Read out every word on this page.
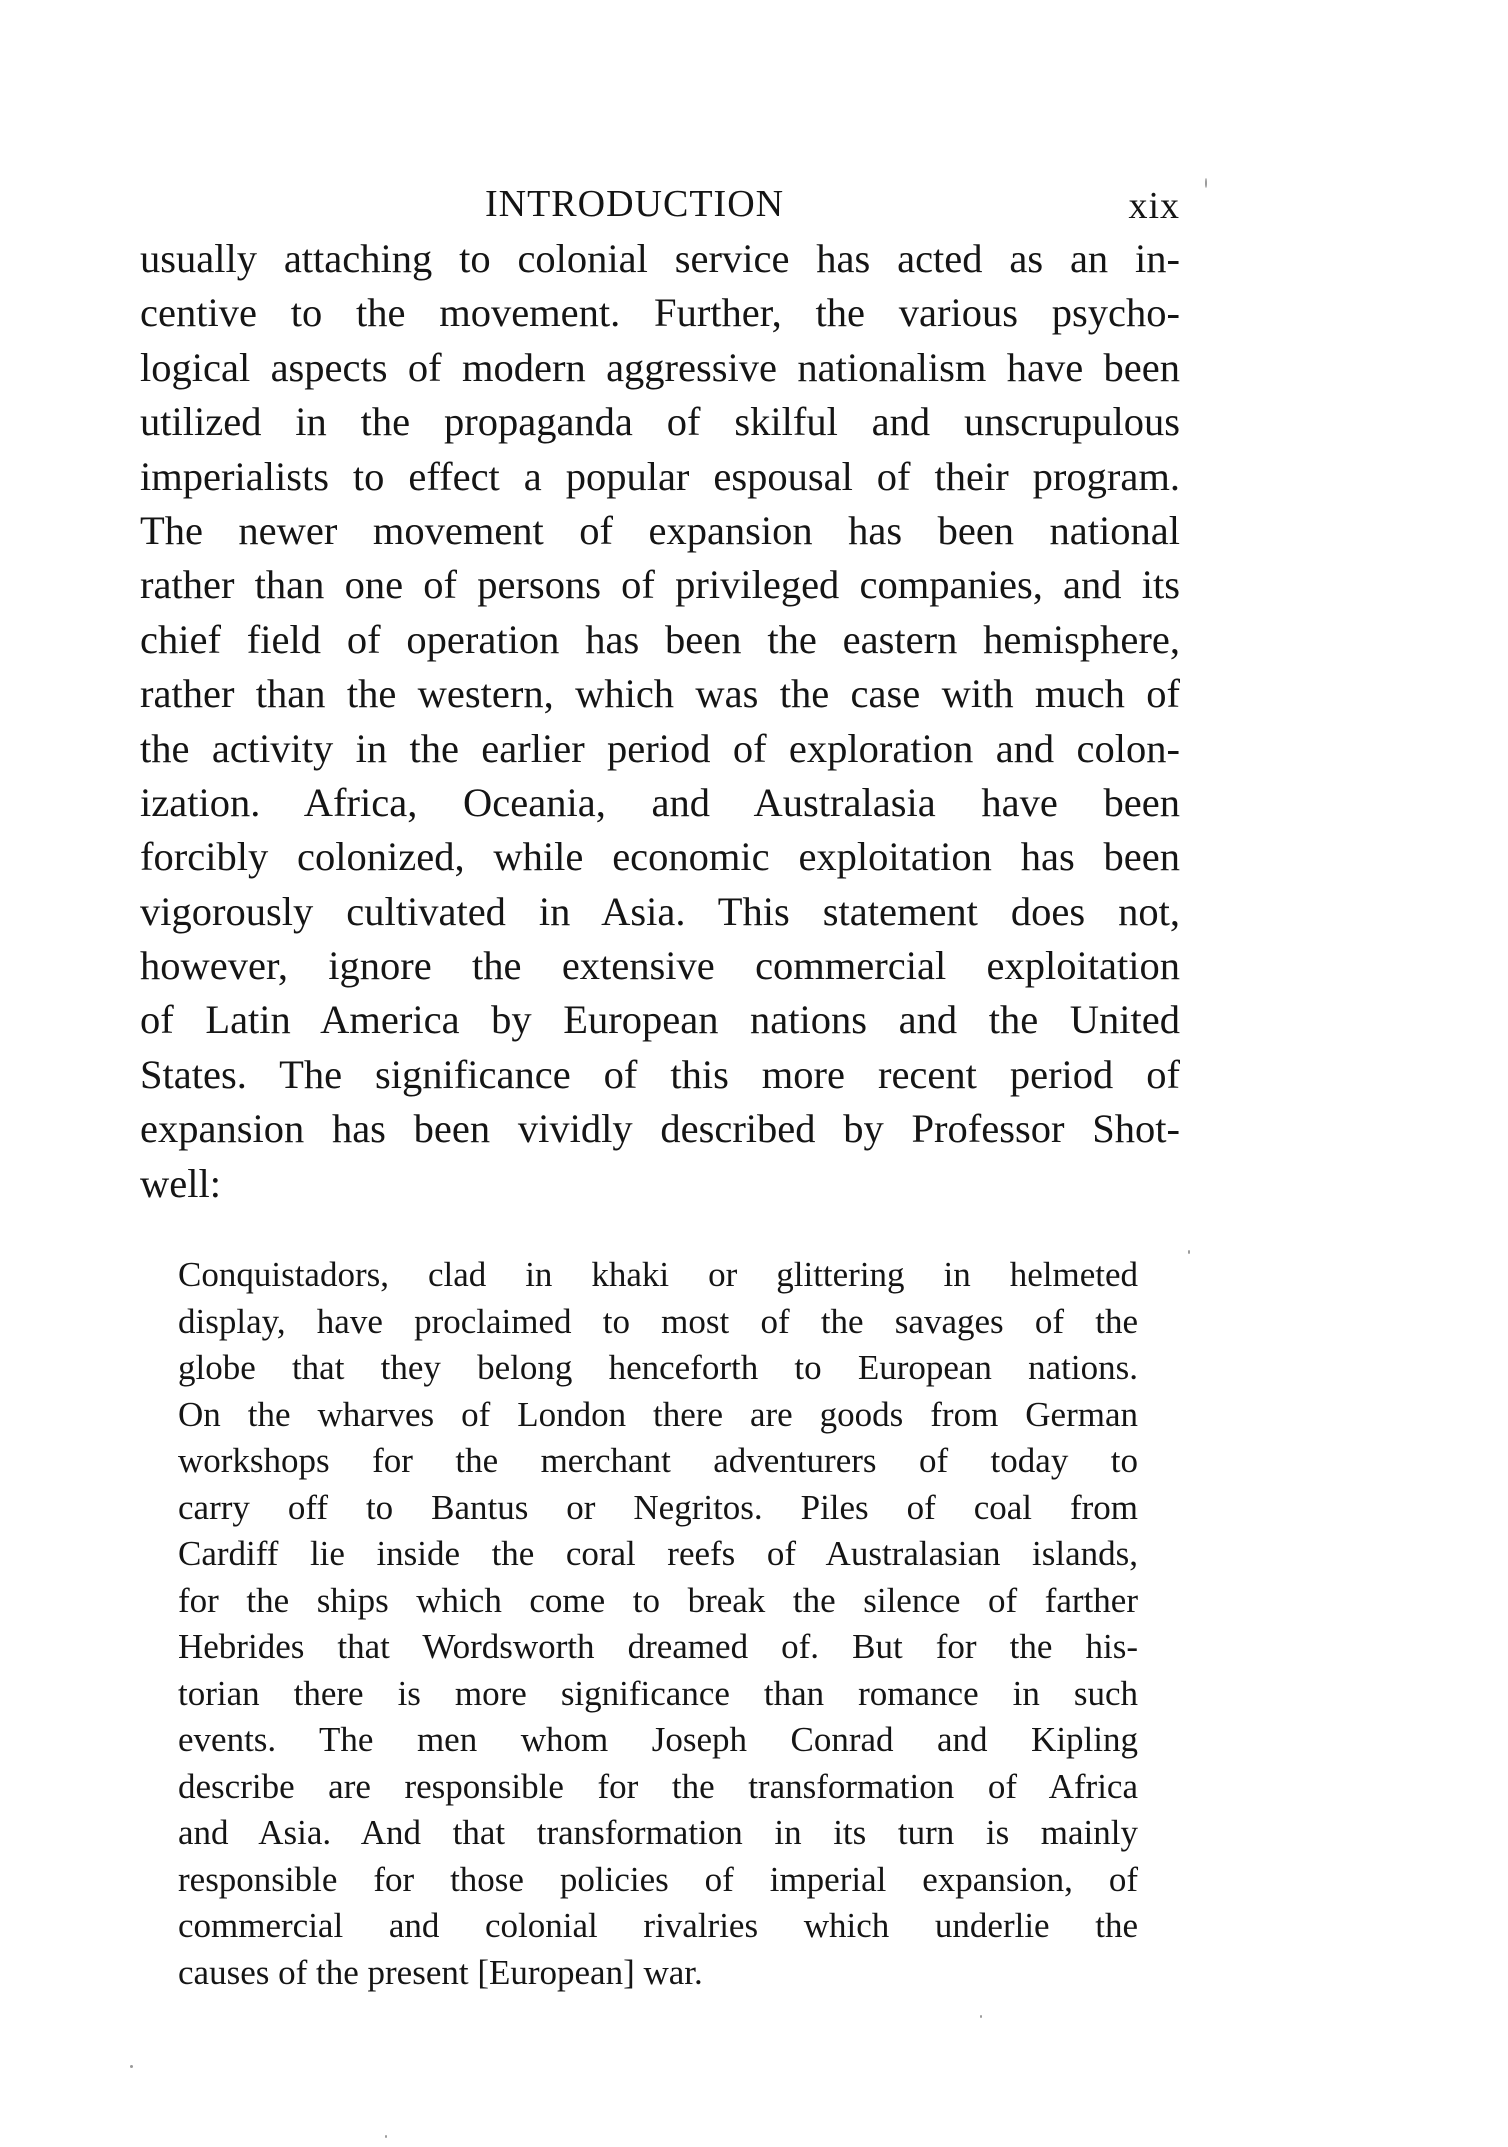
INTRODUCTION	xix

usually attaching to colonial service has acted as an in-
centive to the movement. Further, the various psycho-
logical aspects of modern aggressive nationalism have been
utilized in the propaganda of skilful and unscrupulous
imperialists to effect a popular espousal of their program.

The newer movement of expansion has been national
rather than one of persons of privileged companies, and its
chief field of operation has been the eastern hemisphere,
rather than the western, which was the case with much of
the activity in the earlier period of exploration and colon-
ization. Africa, Oceania, and Australasia have been
forcibly colonized, while economic exploitation has been
vigorously cultivated in Asia. This statement does not,
however, ignore the extensive commercial exploitation
of Latin America by European nations and the United
States. The significance of this more recent period of
expansion has been vividly described by Professor Shot-
well:

Conquistadors, clad in khaki or glittering in helmeted
display, have proclaimed to most of the savages of the
globe that they belong henceforth to European nations.
On the wharves of London there are goods from German
workshops for the merchant adventurers of today to
carry off to Bantus or Negritos. Piles of coal from
Cardiff lie inside the coral reefs of Australasian islands,
for the ships which come to break the silence of farther
Hebrides that Wordsworth dreamed of. But for the his-
torian there is more significance than romance in such
events. The men whom Joseph Conrad and Kipling
describe are responsible for the transformation of Africa
and Asia. And that transformation in its turn is mainly
responsible for those policies of imperial expansion, of
commercial and colonial rivalries which underlie the
causes of the present [European] war.
